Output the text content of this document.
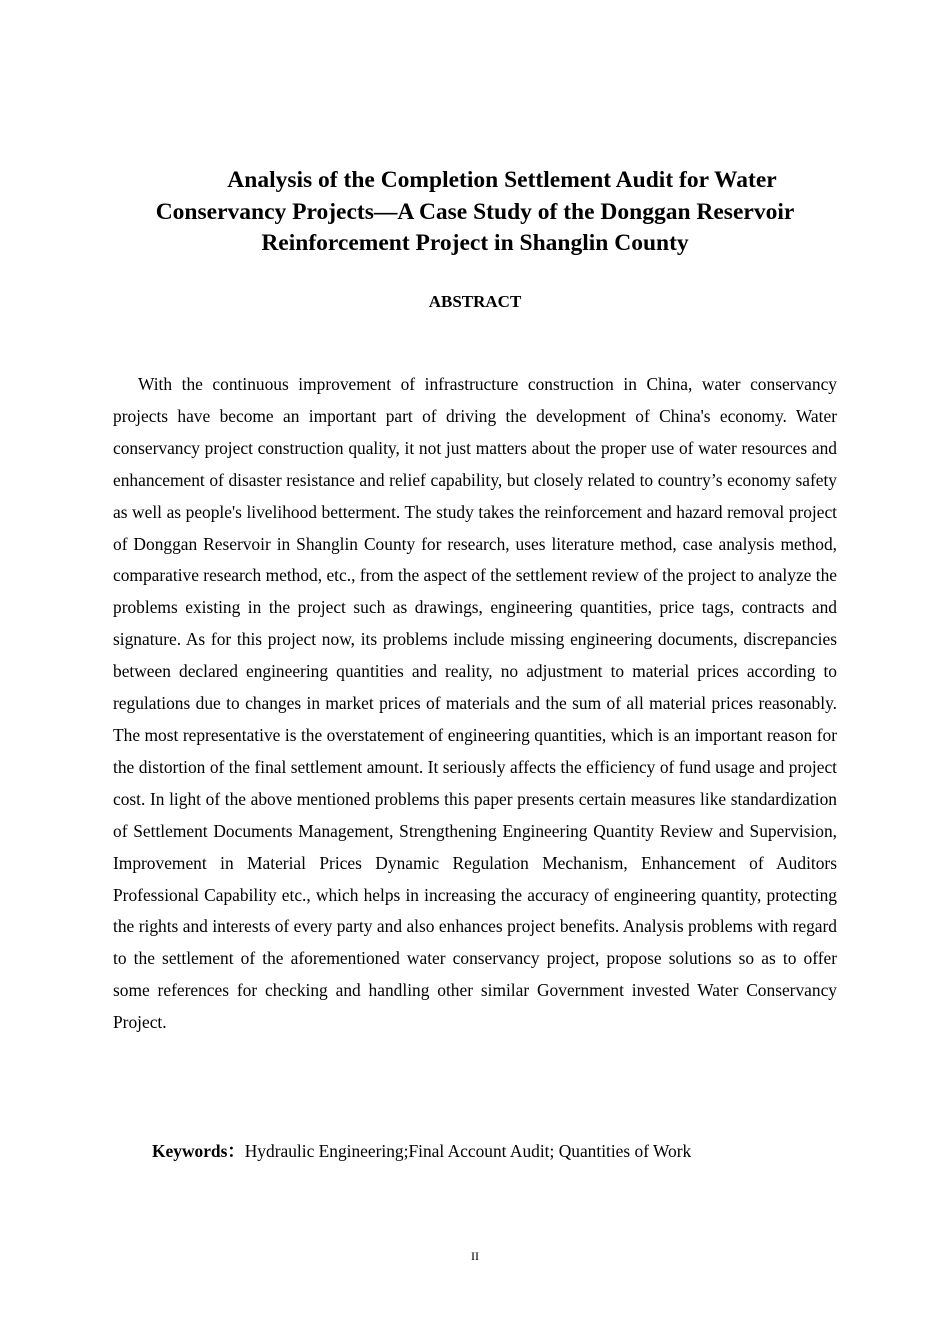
Analysis of the Completion Settlement Audit for Water
Conservancy Projects—A Case Study of the Donggan Reservoir
Reinforcement Project in Shanglin County
ABSTRACT

With the continuous improvement of infrastructure construction in China, water conservancy projects have become an important part of driving the development of China's economy. Water conservancy project construction quality, it not just matters about the proper use of water resources and enhancement of disaster resistance and relief capability, but closely related to country’s economy safety as well as people's livelihood betterment. The study takes the reinforcement and hazard removal project of Donggan Reservoir in Shanglin County for research, uses literature method, case analysis method, comparative research method, etc., from the aspect of the settlement review of the project to analyze the problems existing in the project such as drawings, engineering quantities, price tags, contracts and signature. As for this project now, its problems include missing engineering documents, discrepancies between declared engineering quantities and reality, no adjustment to material prices according to regulations due to changes in market prices of materials and the sum of all material prices reasonably. The most representative is the overstatement of engineering quantities, which is an important reason for the distortion of the final settlement amount. It seriously affects the efficiency of fund usage and project cost. In light of the above mentioned problems this paper presents certain measures like standardization of Settlement Documents Management, Strengthening Engineering Quantity Review and Supervision, Improvement in Material Prices Dynamic Regulation Mechanism, Enhancement of Auditors Professional Capability etc., which helps in increasing the accuracy of engineering quantity, protecting the rights and interests of every party and also enhances project benefits. Analysis problems with regard to the settlement of the aforementioned water conservancy project, propose solutions so as to offer some references for checking and handling other similar Government invested Water Conservancy Project.

Keywords：Hydraulic Engineering;Final Account Audit; Quantities of Work

II
